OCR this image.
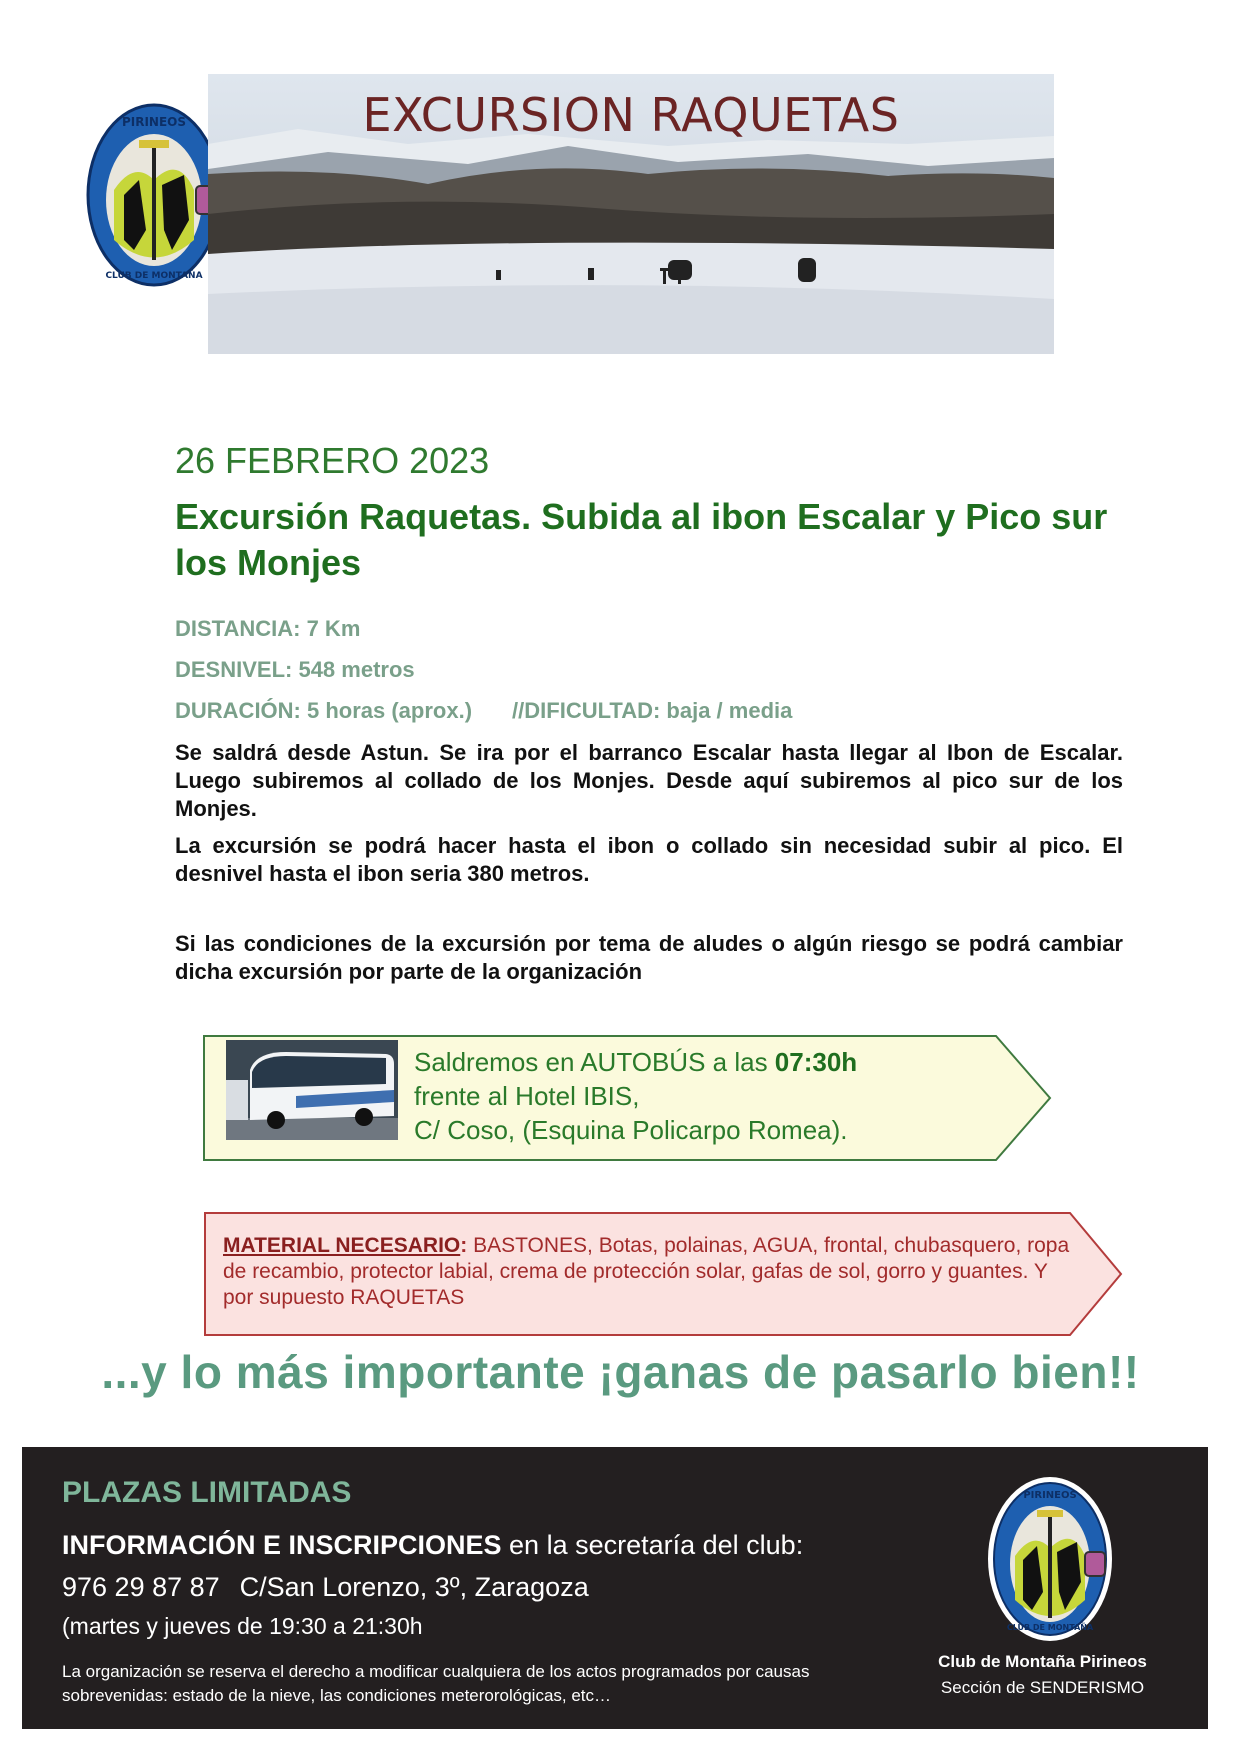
PIRINEOS
CLUB DE MONTAÑA
EXCURSION RAQUETAS
26 FEBRERO 2023
Excursión Raquetas. Subida al ibon Escalar y Pico sur los Monjes
DISTANCIA: 7 Km
DESNIVEL: 548 metros
DURACIÓN: 5 horas (aprox.) //DIFICULTAD: baja / media
Se saldrá desde Astun. Se ira por el barranco Escalar hasta llegar al Ibon de Escalar. Luego subiremos al collado de los Monjes. Desde aquí subiremos al pico sur de los Monjes.
La excursión se podrá hacer hasta el ibon o collado sin necesidad subir al pico. El desnivel hasta el ibon seria 380 metros.
Si las condiciones de la excursión por tema de aludes o algún riesgo se podrá cambiar dicha excursión por parte de la organización
Saldremos en AUTOBÚS a las 07:30h
frente al Hotel IBIS,
C/ Coso, (Esquina Policarpo Romea).
MATERIAL NECESARIO: BASTONES, Botas, polainas, AGUA, frontal, chubasquero, ropa de recambio, protector labial, crema de protección solar, gafas de sol, gorro y guantes. Y por supuesto RAQUETAS
...y lo más importante ¡ganas de pasarlo bien!!
PLAZAS LIMITADAS
INFORMACIÓN E INSCRIPCIONES en la secretaría del club:
976 29 87 87 C/San Lorenzo, 3º, Zaragoza
(martes y jueves de 19:30 a 21:30h
La organización se reserva el derecho a modificar cualquiera de los actos programados por causas sobrevenidas: estado de la nieve, las condiciones meterorológicas, etc…
PIRINEOS
CLUB DE MONTAÑA
Club de Montaña Pirineos
Sección de SENDERISMO
